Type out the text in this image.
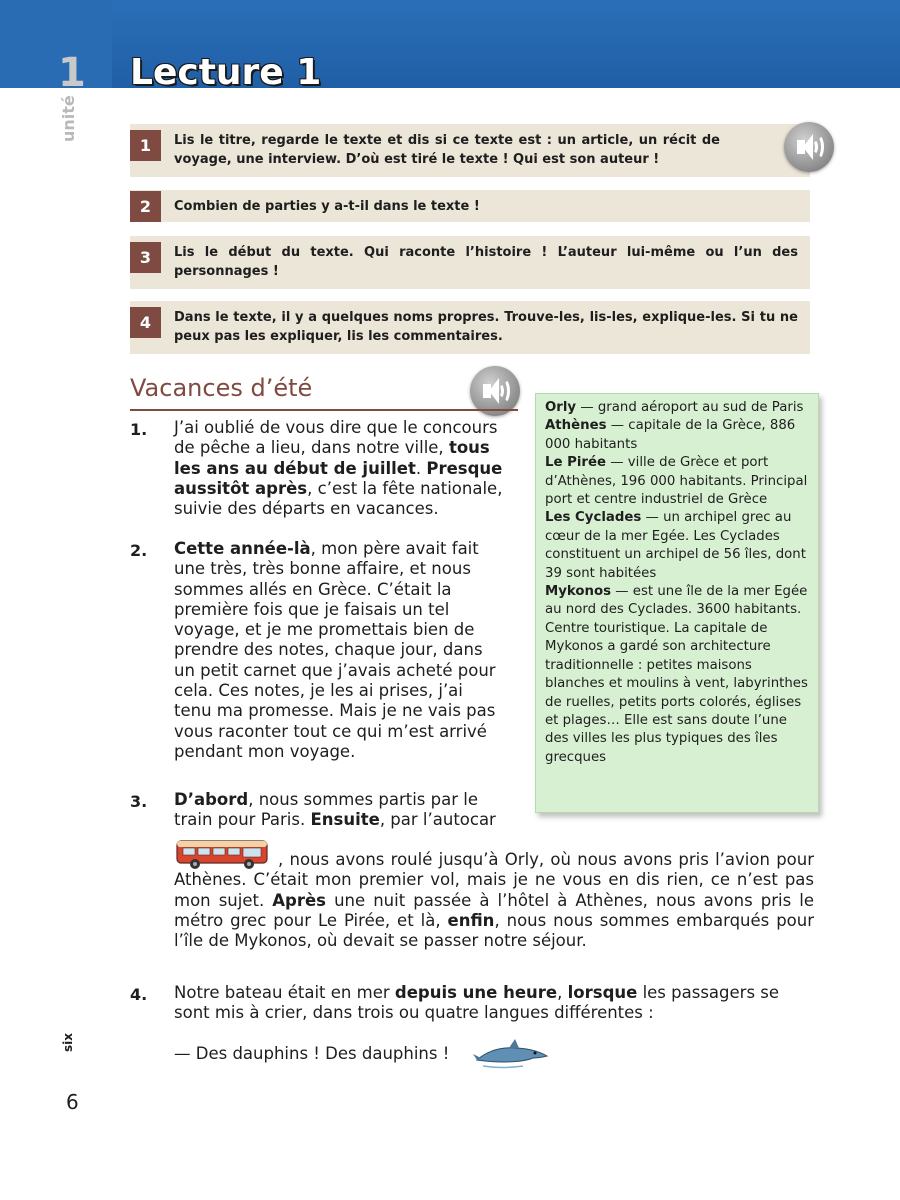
1
unité
Lecture 1
1	Lis le titre, regarde le texte et dis si ce texte est : un article, un récit de voyage, une interview. D’où est tiré le texte ! Qui est son auteur !
2	Combien de parties y a-t-il dans le texte !
3	Lis le début du texte. Qui raconte l’histoire ! L’auteur lui-même ou l’un des personnages !
4	Dans le texte, il y a quelques noms propres. Trouve-les, lis-les, explique-les. Si tu ne peux pas les expliquer, lis les commentaires.
Vacances d’été
1. J’ai oublié de vous dire que le concours de pêche a lieu, dans notre ville, tous les ans au début de juillet. Presque aussitôt après, c’est la fête nationale, suivie des départs en vacances.
2. Cette année-là, mon père avait fait une très, très bonne affaire, et nous sommes allés en Grèce. C’était la première fois que je faisais un tel voyage, et je me promettais bien de prendre des notes, chaque jour, dans un petit carnet que j’avais acheté pour cela. Ces notes, je les ai prises, j’ai tenu ma promesse. Mais je ne vais pas vous raconter tout ce qui m’est arrivé pendant mon voyage.
3. D’abord, nous sommes partis par le train pour Paris. Ensuite, par l’autocar
, nous avons roulé jusqu’à Orly, où nous avons pris l’avion pour Athènes. C’était mon premier vol, mais je ne vous en dis rien, ce n’est pas mon sujet. Après une nuit passée à l’hôtel à Athènes, nous avons pris le métro grec pour Le Pirée, et là, enfin, nous nous sommes embarqués pour l’île de Mykonos, où devait se passer notre séjour.
4. Notre bateau était en mer depuis une heure, lorsque les passagers se sont mis à crier, dans trois ou quatre langues différentes :
— Des dauphins ! Des dauphins !
Orly — grand aéroport au sud de Paris
Athènes — capitale de la Grèce, 886 000 habitants
Le Pirée — ville de Grèce et port d’Athènes, 196 000 habitants. Principal port et centre industriel de Grèce
Les Cyclades — un archipel grec au cœur de la mer Egée. Les Cyclades constituent un archipel de 56 îles, dont 39 sont habitées
Mykonos — est une île de la mer Egée au nord des Cyclades. 3600 habitants. Centre touristique. La capitale de Mykonos a gardé son architecture traditionnelle : petites maisons blanches et moulins à vent, labyrinthes de ruelles, petits ports colorés, églises et plages… Elle est sans doute l’une des villes les plus typiques des îles grecques
six
6
